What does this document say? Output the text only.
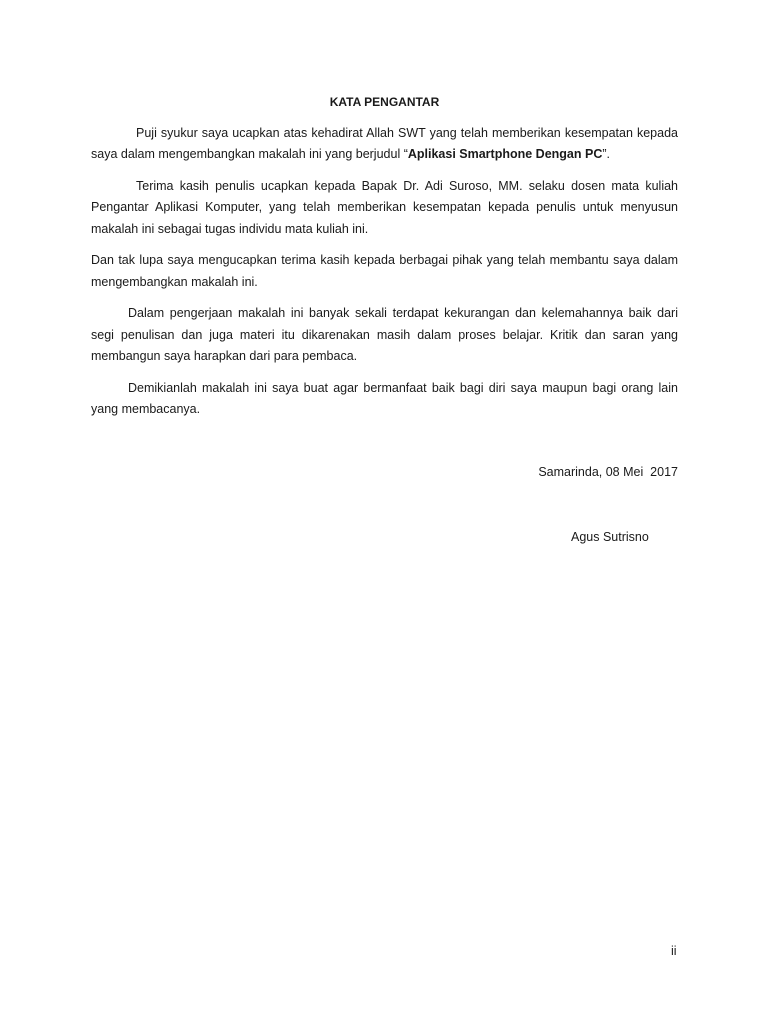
KATA PENGANTAR

Puji syukur saya ucapkan atas kehadirat Allah SWT yang telah memberikan kesempatan kepada saya dalam mengembangkan makalah ini yang berjudul “Aplikasi Smartphone Dengan PC”.

Terima kasih penulis ucapkan kepada Bapak Dr. Adi Suroso, MM. selaku dosen mata kuliah Pengantar Aplikasi Komputer, yang telah memberikan kesempatan kepada penulis untuk menyusun makalah ini sebagai tugas individu mata kuliah ini.

Dan tak lupa saya mengucapkan terima kasih kepada berbagai pihak yang telah membantu saya dalam mengembangkan makalah ini.

Dalam pengerjaan makalah ini banyak sekali terdapat kekurangan dan kelemahannya baik dari segi penulisan dan juga materi itu dikarenakan masih dalam proses belajar. Kritik dan saran yang membangun saya harapkan dari para pembaca.

Demikianlah makalah ini saya buat agar bermanfaat baik bagi diri saya maupun bagi orang lain yang membacanya.

Samarinda, 08 Mei  2017
Agus Sutrisno
ii
